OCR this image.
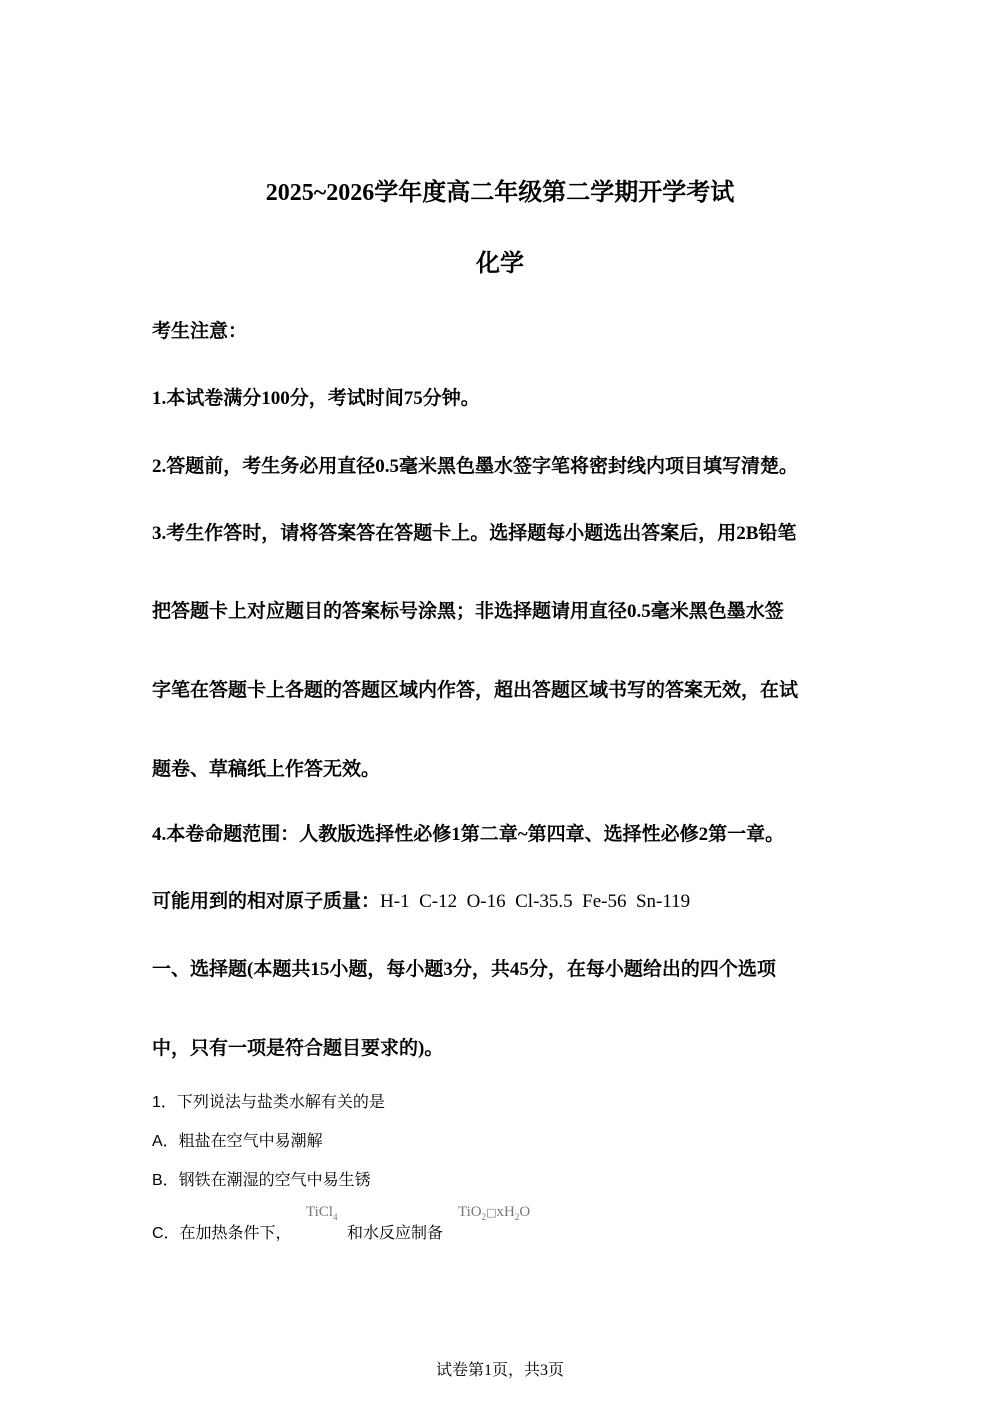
2025~2026学年度高二年级第二学期开学考试
化学
考生注意：
1.本试卷满分100分，考试时间75分钟。
2.答题前，考生务必用直径0.5毫米黑色墨水签字笔将密封线内项目填写清楚。
3.考生作答时，请将答案答在答题卡上。选择题每小题选出答案后，用2B铅笔
把答题卡上对应题目的答案标号涂黑；非选择题请用直径0.5毫米黑色墨水签
字笔在答题卡上各题的答题区域内作答，超出答题区域书写的答案无效，在试
题卷、草稿纸上作答无效。
4.本卷命题范围：人教版选择性必修1第二章~第四章、选择性必修2第一章。
可能用到的相对原子质量：H-1  C-12  O-16  Cl-35.5  Fe-56  Sn-119
一、选择题(本题共15小题，每小题3分，共45分，在每小题给出的四个选项
中，只有一项是符合题目要求的)。
1．下列说法与盐类水解有关的是
A．粗盐在空气中易潮解
B．钢铁在潮湿的空气中易生锈
C．在加热条件下，
TiCl$_4$
和水反应制备
$TiO_2□xH_2O$
试卷第1页，共3页
